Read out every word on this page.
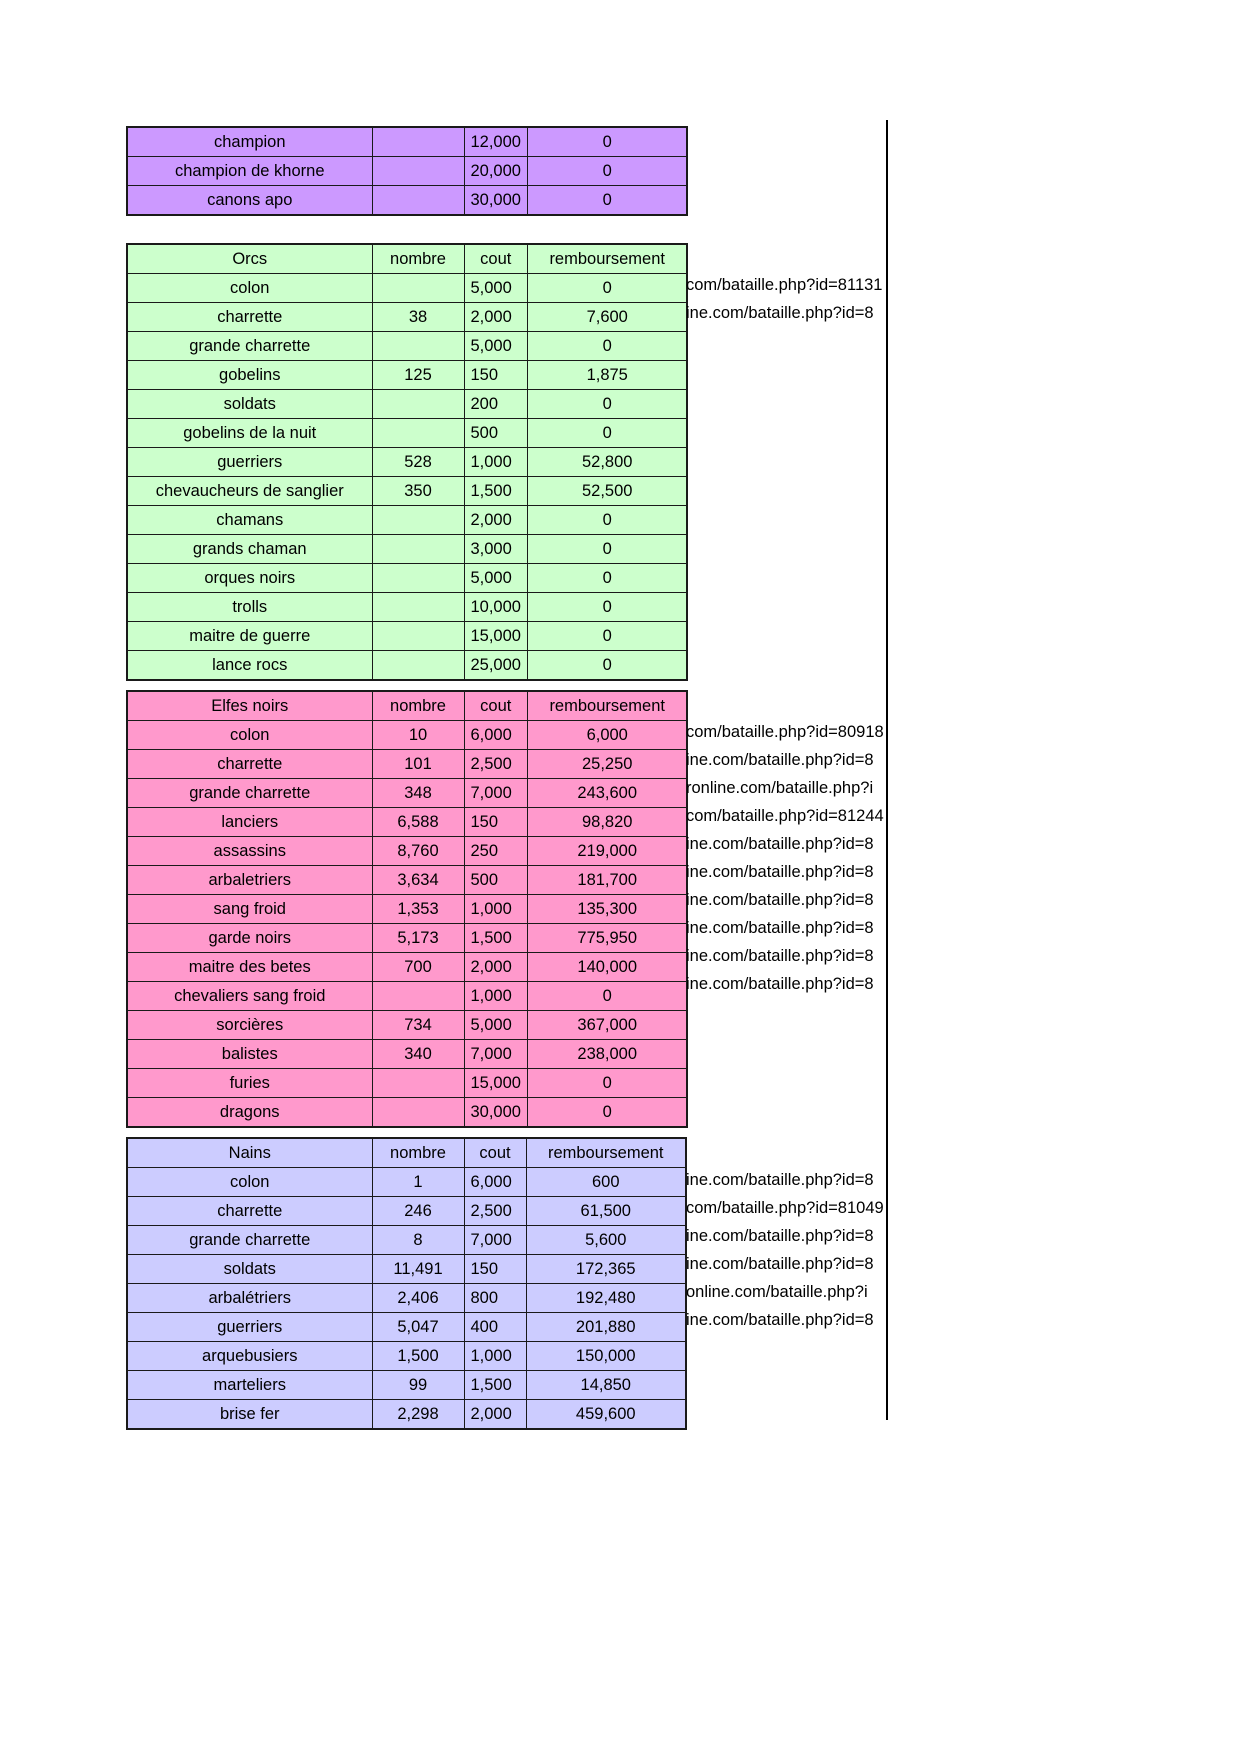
champion		12,000	0
champion de khorne		20,000	0
canons apo		30,000	0
Orcs	nombre	cout	remboursement
colon		5,000	0
charrette	38	2,000	7,600
grande charrette		5,000	0
gobelins	125	150	1,875
soldats		200	0
gobelins de la nuit		500	0
guerriers	528	1,000	52,800
chevaucheurs de sanglier	350	1,500	52,500
chamans		2,000	0
grands chaman		3,000	0
orques noirs		5,000	0
trolls		10,000	0
maitre de guerre		15,000	0
lance rocs		25,000	0
Elfes noirs	nombre	cout	remboursement
colon	10	6,000	6,000
charrette	101	2,500	25,250
grande charrette	348	7,000	243,600
lanciers	6,588	150	98,820
assassins	8,760	250	219,000
arbaletriers	3,634	500	181,700
sang froid	1,353	1,000	135,300
garde noirs	5,173	1,500	775,950
maitre des betes	700	2,000	140,000
chevaliers sang froid		1,000	0
sorcières	734	5,000	367,000
balistes	340	7,000	238,000
furies		15,000	0
dragons		30,000	0
Nains	nombre	cout	remboursement
colon	1	6,000	600
charrette	246	2,500	61,500
grande charrette	8	7,000	5,600
soldats	11,491	150	172,365
arbalétriers	2,406	800	192,480
guerriers	5,047	400	201,880
arquebusiers	1,500	1,000	150,000
marteliers	99	1,500	14,850
brise fer	2,298	2,000	459,600
com/bataille.php?id=81131
ine.com/bataille.php?id=8
com/bataille.php?id=80918
ine.com/bataille.php?id=8
ronline.com/bataille.php?i
com/bataille.php?id=81244
ine.com/bataille.php?id=8
ine.com/bataille.php?id=8
ine.com/bataille.php?id=8
ine.com/bataille.php?id=8
ine.com/bataille.php?id=8
ine.com/bataille.php?id=8
ine.com/bataille.php?id=8
com/bataille.php?id=81049
ine.com/bataille.php?id=8
ine.com/bataille.php?id=8
online.com/bataille.php?i
ine.com/bataille.php?id=8
